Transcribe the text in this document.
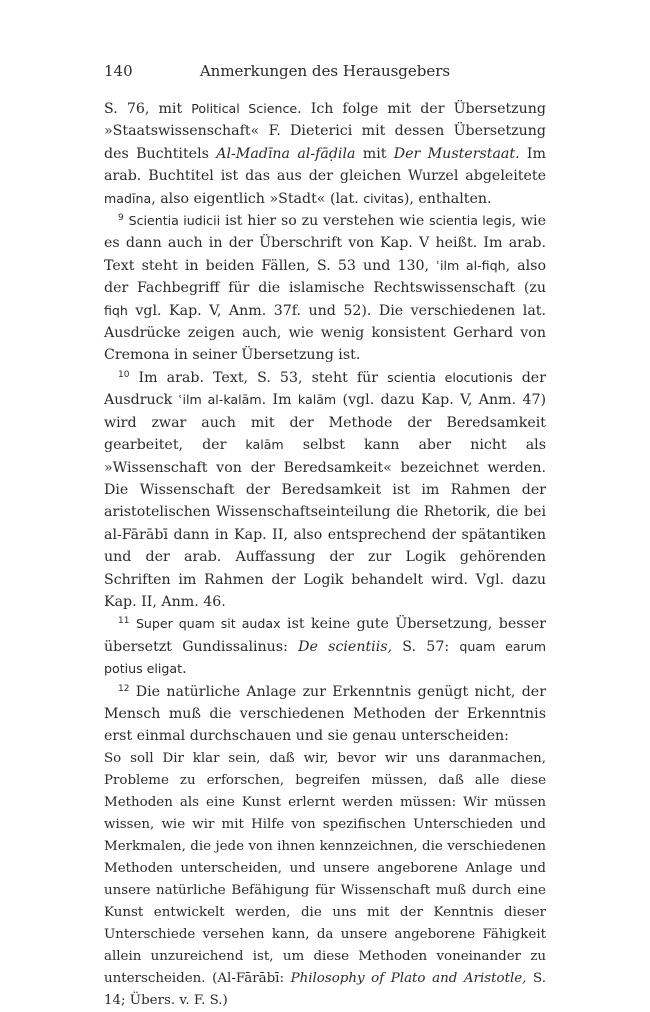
140	Anmerkungen des Herausgebers

S. 76, mit Political Science. Ich folge mit der Übersetzung »Staatswissenschaft« F. Dieterici mit dessen Übersetzung des Buchtitels Al-Madīna al-fāḍila mit Der Musterstaat. Im arab. Buchtitel ist das aus der gleichen Wurzel abgeleitete madīna, also eigentlich »Stadt« (lat. civitas), enthalten.

$^9$ Scientia iudicii ist hier so zu verstehen wie scientia legis, wie es dann auch in der Überschrift von Kap. V heißt. Im arab. Text steht in beiden Fällen, S. 53 und 130, ʿilm al-fiqh, also der Fachbegriff für die islamische Rechtswissenschaft (zu fiqh vgl. Kap. V, Anm. 37f. und 52). Die verschiedenen lat. Ausdrücke zeigen auch, wie wenig konsistent Gerhard von Cremona in seiner Übersetzung ist.

$^{10}$ Im arab. Text, S. 53, steht für scientia elocutionis der Ausdruck ʿilm al-kalām. Im kalām (vgl. dazu Kap. V, Anm. 47) wird zwar auch mit der Methode der Beredsamkeit gearbeitet, der kalām selbst kann aber nicht als »Wissenschaft von der Beredsamkeit« bezeichnet werden. Die Wissenschaft der Beredsamkeit ist im Rahmen der aristotelischen Wissenschaftseinteilung die Rhetorik, die bei al-Fārābī dann in Kap. II, also entsprechend der spätantiken und der arab. Auffassung der zur Logik gehörenden Schriften im Rahmen der Logik behandelt wird. Vgl. dazu Kap. II, Anm. 46.

$^{11}$ Super quam sit audax ist keine gute Übersetzung, besser übersetzt Gundissalinus: De scientiis, S. 57: quam earum potius eligat.

$^{12}$ Die natürliche Anlage zur Erkenntnis genügt nicht, der Mensch muß die verschiedenen Methoden der Erkenntnis erst einmal durchschauen und sie genau unterscheiden:

So soll Dir klar sein, daß wir, bevor wir uns daranmachen, Probleme zu erforschen, begreifen müssen, daß alle diese Methoden als eine Kunst erlernt werden müssen: Wir müssen wissen, wie wir mit Hilfe von spezifischen Unterschieden und Merkmalen, die jede von ihnen kennzeichnen, die verschiedenen Methoden unterscheiden, und unsere angeborene Anlage und unsere natürliche Befähigung für Wissenschaft muß durch eine Kunst entwickelt werden, die uns mit der Kenntnis dieser Unterschiede versehen kann, da unsere angeborene Fähigkeit allein unzureichend ist, um diese Methoden voneinander zu unterscheiden. (Al-Fārābī: Philosophy of Plato and Aristotle, S. 14; Übers. v. F. S.)
